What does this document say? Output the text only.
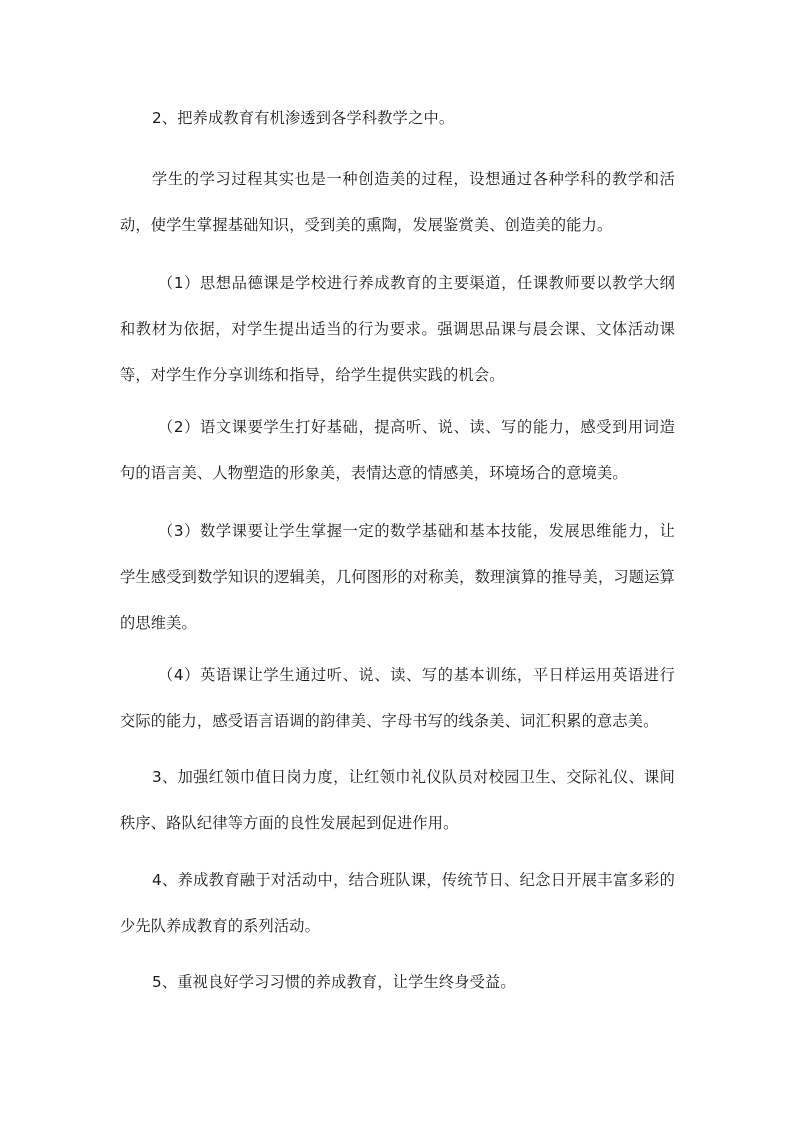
2、把养成教育有机渗透到各学科教学之中。

学生的学习过程其实也是一种创造美的过程，设想通过各种学科的教学和活动，使学生掌握基础知识，受到美的熏陶，发展鉴赏美、创造美的能力。

（1）思想品德课是学校进行养成教育的主要渠道，任课教师要以教学大纲和教材为依据，对学生提出适当的行为要求。强调思品课与晨会课、文体活动课等，对学生作分享训练和指导，给学生提供实践的机会。

（2）语文课要学生打好基础，提高听、说、读、写的能力，感受到用词造句的语言美、人物塑造的形象美，表情达意的情感美，环境场合的意境美。

（3）数学课要让学生掌握一定的数学基础和基本技能，发展思维能力，让学生感受到数学知识的逻辑美，几何图形的对称美，数理演算的推导美，习题运算的思维美。

（4）英语课让学生通过听、说、读、写的基本训练，平日样运用英语进行交际的能力，感受语言语调的韵律美、字母书写的线条美、词汇积累的意志美。

3、加强红领巾值日岗力度，让红领巾礼仪队员对校园卫生、交际礼仪、课间秩序、路队纪律等方面的良性发展起到促进作用。

4、养成教育融于对活动中，结合班队课，传统节日、纪念日开展丰富多彩的少先队养成教育的系列活动。

5、重视良好学习习惯的养成教育，让学生终身受益。
